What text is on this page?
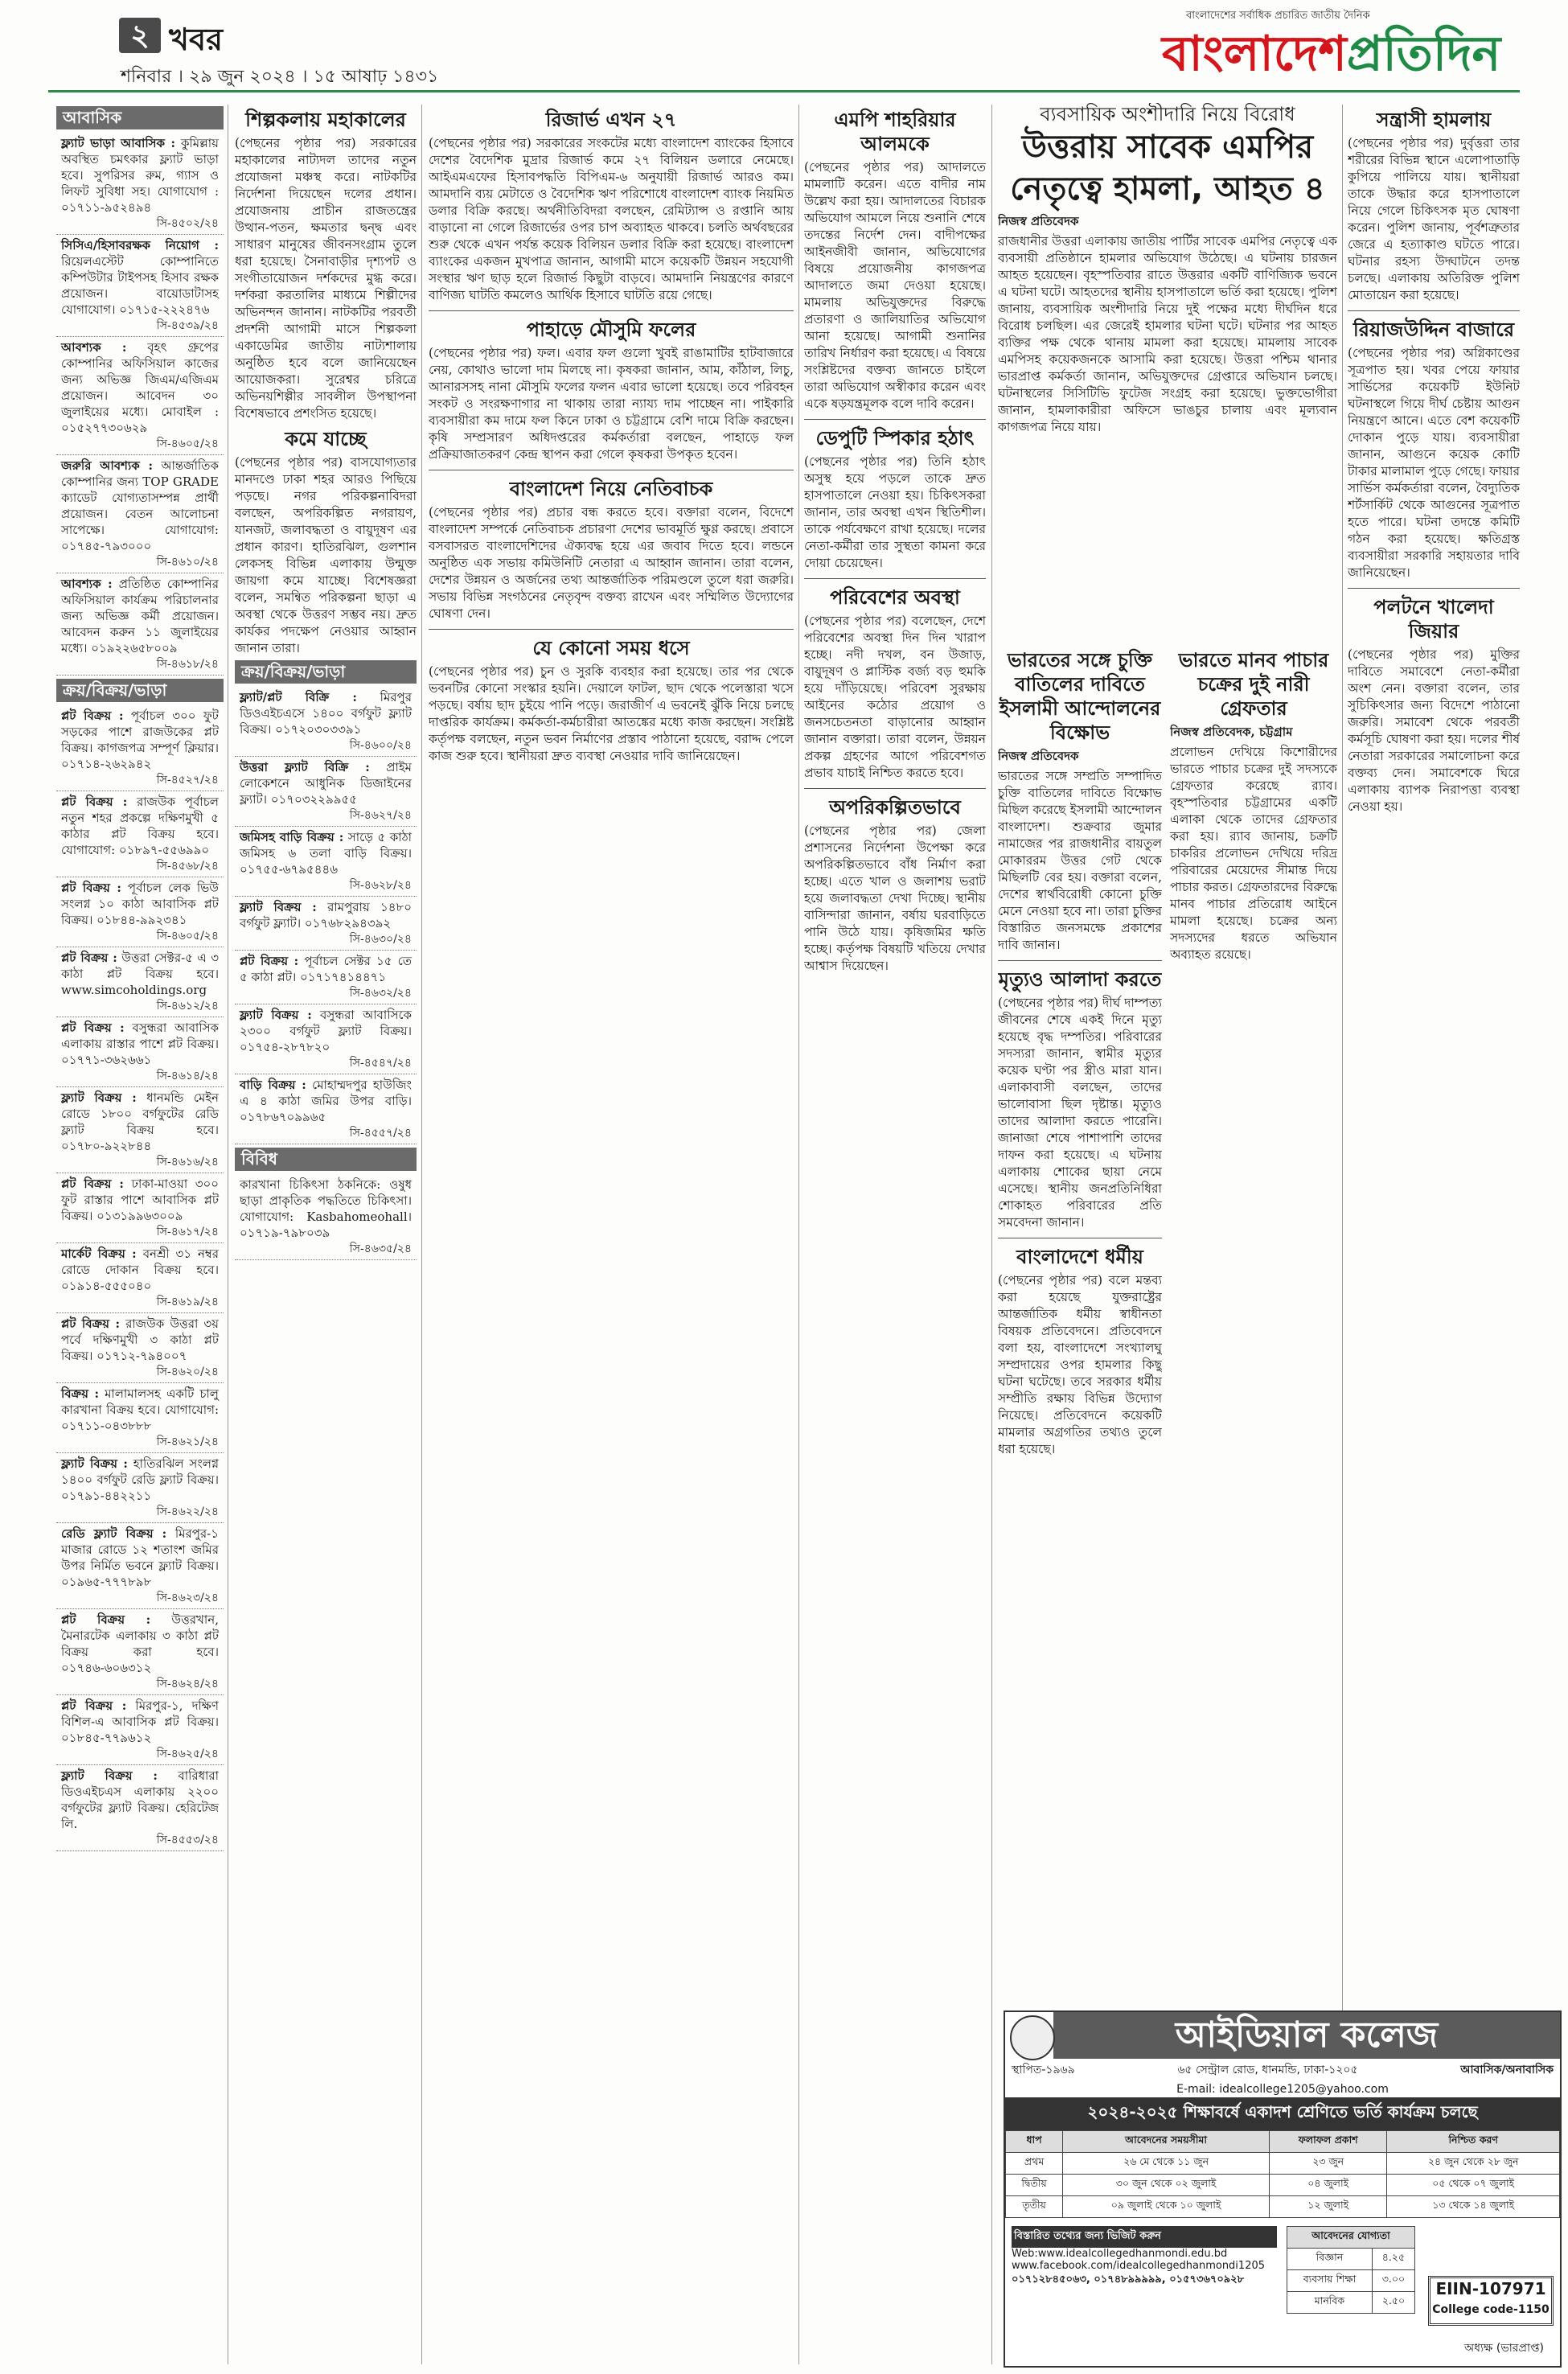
২ খবর
শনিবার । ২৯ জুন ২০২৪ । ১৫ আষাঢ় ১৪৩১
বাংলাদেশের সর্বাধিক প্রচারিত জাতীয় দৈনিক
বাংলাদেশপ্রতিদিন
আবাসিক
ফ্ল্যাট ভাড়া আবাসিক : কুমিল্লায় অবস্থিত চমৎকার ফ্ল্যাট ভাড়া হবে। সুপরিসর রুম, গ্যাস ও লিফট সুবিধা সহ। যোগাযোগ : ০১৭১১-৯৫২৪৯৪
সি-৪৫০২/২৪
সিসিএ/হিসাবরক্ষক নিয়োগ : রিয়েলএস্টেট কোম্পানিতে কম্পিউটার টাইপসহ হিসাব রক্ষক প্রয়োজন। বায়োডাটাসহ যোগাযোগ। ০১৭১৫-২২২৪৭৬
সি-৪৫৩৯/২৪
আবশ্যক : বৃহৎ গ্রুপের কোম্পানির অফিসিয়াল কাজের জন্য অভিজ্ঞ জিএম/এজিএম প্রয়োজন। আবেদন ৩০ জুলাইয়ের মধ্যে। মোবাইল : ০১৫২৭৭৩০৬২৯
সি-৪৬০৫/২৪
জরুরি আবশ্যক : আন্তর্জাতিক কোম্পানির জন্য TOP GRADE ক্যাডেট যোগ্যতাসম্পন্ন প্রার্থী প্রয়োজন। বেতন আলোচনা সাপেক্ষে। যোগাযোগ: ০১৭৪৫-৭৯৩০০০
সি-৪৬১০/২৪
আবশ্যক : প্রতিষ্ঠিত কোম্পানির অফিসিয়াল কার্যক্রম পরিচালনার জন্য অভিজ্ঞ কর্মী প্রয়োজন। আবেদন করুন ১১ জুলাইয়ের মধ্যে। ০১৯২২৬৫৮০০৯
সি-৪৬১৮/২৪
ক্রয়/বিক্রয়/ভাড়া
প্লট বিক্রয় : পূর্বাচল ৩০০ ফুট সড়কের পাশে রাজউকের প্লট বিক্রয়। কাগজপত্র সম্পূর্ণ ক্লিয়ার। ০১৭১৪-২৬২৯৪২
সি-৪৫২৭/২৪
প্লট বিক্রয় : রাজউক পূর্বাচল নতুন শহর প্রকল্পে দক্ষিণমুখী ৫ কাঠার প্লট বিক্রয় হবে। যোগাযোগ: ০১৮৯৭-৫৫৬৯৯০
সি-৪৫৬৮/২৪
প্লট বিক্রয় : পূর্বাচল লেক ভিউ সংলগ্ন ১০ কাঠা আবাসিক প্লট বিক্রয়। ০১৮৪৪-৯৯২৩৪১
সি-৪৬০৫/২৪
প্লট বিক্রয় : উত্তরা সেক্টর-৫ এ ৩ কাঠা প্লট বিক্রয় হবে। www.simcoholdings.org
সি-৪৬১২/২৪
প্লট বিক্রয় : বসুন্ধরা আবাসিক এলাকায় রাস্তার পাশে প্লট বিক্রয়। ০১৭৭১-৩৬২৬৬১
সি-৪৬১৪/২৪
ফ্ল্যাট বিক্রয় : ধানমন্ডি মেইন রোডে ১৮০০ বর্গফুটের রেডি ফ্ল্যাট বিক্রয় হবে। ০১৭৮০-৯২২৮৪৪
সি-৪৬১৬/২৪
প্লট বিক্রয় : ঢাকা-মাওয়া ৩০০ ফুট রাস্তার পাশে আবাসিক প্লট বিক্রয়। ০১৩১৯৯৬৩০০৯
সি-৪৬১৭/২৪
মার্কেট বিক্রয় : বনশ্রী ৩১ নম্বর রোডে দোকান বিক্রয় হবে। ০১৯১৪-৫৫৫০৪০
সি-৪৬১৯/২৪
প্লট বিক্রয় : রাজউক উত্তরা ৩য় পর্বে দক্ষিণমুখী ৩ কাঠা প্লট বিক্রয়। ০১৭১২-৭৯৪০০৭
সি-৪৬২০/২৪
বিক্রয় : মালামালসহ একটি চালু কারখানা বিক্রয় হবে। যোগাযোগ: ০১৭১১-০৪৩৮৮৮
সি-৪৬২১/২৪
ফ্ল্যাট বিক্রয় : হাতিরঝিল সংলগ্ন ১৪০০ বর্গফুট রেডি ফ্ল্যাট বিক্রয়। ০১৭৯১-৪৪২২১১
সি-৪৬২২/২৪
রেডি ফ্ল্যাট বিক্রয় : মিরপুর-১ মাজার রোডে ১২ শতাংশ জমির উপর নির্মিত ভবনে ফ্ল্যাট বিক্রয়। ০১৯৬৫-৭৭৭৮৯৮
সি-৪৬২৩/২৪
প্লট বিক্রয় : উত্তরখান, মৈনারটেক এলাকায় ৩ কাঠা প্লট বিক্রয় করা হবে। ০১৭৪৬-৬০৬৩১২
সি-৪৬২৪/২৪
প্লট বিক্রয় : মিরপুর-১, দক্ষিণ বিশিল-এ আবাসিক প্লট বিক্রয়। ০১৮৪৫-৭৭৯৬১২
সি-৪৬২৫/২৪
ফ্ল্যাট বিক্রয় : বারিধারা ডিওএইচএস এলাকায় ২২০০ বর্গফুটের ফ্ল্যাট বিক্রয়। হেরিটেজ লি.
সি-৪৫৫৩/২৪
শিল্পকলায় মহাকালের

(পেছনের পৃষ্ঠার পর) সরকারের মহাকালের নাট্যদল তাদের নতুন প্রযোজনা মঞ্চস্থ করে। নাটকটির নির্দেশনা দিয়েছেন দলের প্রধান। প্রযোজনায় প্রাচীন রাজতন্ত্রের উত্থান-পতন, ক্ষমতার দ্বন্দ্ব এবং সাধারণ মানুষের জীবনসংগ্রাম তুলে ধরা হয়েছে। সৈনাবাড়ীর দৃশ্যপট ও সংগীতায়োজন দর্শকদের মুগ্ধ করে। দর্শকরা করতালির মাধ্যমে শিল্পীদের অভিনন্দন জানান। নাটকটির পরবর্তী প্রদর্শনী আগামী মাসে শিল্পকলা একাডেমির জাতীয় নাট্যশালায় অনুষ্ঠিত হবে বলে জানিয়েছেন আয়োজকরা। সুরেশ্বর চরিত্রে অভিনয়শিল্পীর সাবলীল উপস্থাপনা বিশেষভাবে প্রশংসিত হয়েছে।

কমে যাচ্ছে

(পেছনের পৃষ্ঠার পর) বাসযোগ্যতার মানদণ্ডে ঢাকা শহর আরও পিছিয়ে পড়ছে। নগর পরিকল্পনাবিদরা বলছেন, অপরিকল্পিত নগরায়ণ, যানজট, জলাবদ্ধতা ও বায়ুদূষণ এর প্রধান কারণ। হাতিরঝিল, গুলশান লেকসহ বিভিন্ন এলাকায় উন্মুক্ত জায়গা কমে যাচ্ছে। বিশেষজ্ঞরা বলেন, সমন্বিত পরিকল্পনা ছাড়া এ অবস্থা থেকে উত্তরণ সম্ভব নয়। দ্রুত কার্যকর পদক্ষেপ নেওয়ার আহ্বান জানান তারা।

ক্রয়/বিক্রয়/ভাড়া
ফ্ল্যাট/প্লট বিক্রি : মিরপুর ডিওএইচএসে ১৪০০ বর্গফুট ফ্ল্যাট বিক্রয়। ০১৭২০৩০৩৩৯১
সি-৪৬০০/২৪
উত্তরা ফ্ল্যাট বিক্রি : প্রাইম লোকেশনে আধুনিক ডিজাইনের ফ্ল্যাট। ০১৭০৩২২৯৯৫৫
সি-৪৬২৭/২৪
জমিসহ বাড়ি বিক্রয় : সাড়ে ৫ কাঠা জমিসহ ৬ তলা বাড়ি বিক্রয়। ০১৭৫৫-৬৭৯৫৪৪৬
সি-৪৬২৮/২৪
ফ্ল্যাট বিক্রয় : রামপুরায় ১৪৮০ বর্গফুট ফ্ল্যাট। ০১৭৬৮২৯৪৩৯২
সি-৪৬৩০/২৪
প্লট বিক্রয় : পূর্বাচল সেক্টর ১৫ তে ৫ কাঠা প্লট। ০১৭১৭৪১৪৪৭১
সি-৪৬৩২/২৪
ফ্ল্যাট বিক্রয় : বসুন্ধরা আবাসিকে ২৩০০ বর্গফুট ফ্ল্যাট বিক্রয়। ০১৭৫৪-২৮৭৮২০
সি-৪৫৪৭/২৪
বাড়ি বিক্রয় : মোহাম্মদপুর হাউজিং এ ৪ কাঠা জমির উপর বাড়ি। ০১৭৮৬৭০৯৯৬৫
সি-৪৫৫৭/২৪
বিবিধ
কারখানা চিকিৎসা ঠকনিকে: ওষুধ ছাড়া প্রাকৃতিক পদ্ধতিতে চিকিৎসা। যোগাযোগ: Kasbahomeohall। ০১৭১৯-৭৯৮০৩৯
সি-৪৬৩৫/২৪
রিজার্ভ এখন ২৭

(পেছনের পৃষ্ঠার পর) সরকারের সংকটের মধ্যে বাংলাদেশ ব্যাংকের হিসাবে দেশের বৈদেশিক মুদ্রার রিজার্ভ কমে ২৭ বিলিয়ন ডলারে নেমেছে। আইএমএফের হিসাবপদ্ধতি বিপিএম-৬ অনুযায়ী রিজার্ভ আরও কম। আমদানি ব্যয় মেটাতে ও বৈদেশিক ঋণ পরিশোধে বাংলাদেশ ব্যাংক নিয়মিত ডলার বিক্রি করছে। অর্থনীতিবিদরা বলছেন, রেমিট্যান্স ও রপ্তানি আয় বাড়ানো না গেলে রিজার্ভের ওপর চাপ অব্যাহত থাকবে। চলতি অর্থবছরের শুরু থেকে এখন পর্যন্ত কয়েক বিলিয়ন ডলার বিক্রি করা হয়েছে। বাংলাদেশ ব্যাংকের একজন মুখপাত্র জানান, আগামী মাসে কয়েকটি উন্নয়ন সহযোগী সংস্থার ঋণ ছাড় হলে রিজার্ভ কিছুটা বাড়বে। আমদানি নিয়ন্ত্রণের কারণে বাণিজ্য ঘাটতি কমলেও আর্থিক হিসাবে ঘাটতি রয়ে গেছে।

পাহাড়ে মৌসুমি ফলের

(পেছনের পৃষ্ঠার পর) ফল। এবার ফল গুলো খুবই রাঙামাটির হাটবাজারে নেয়, কোথাও ভালো দাম মিলছে না। কৃষকরা জানান, আম, কাঁঠাল, লিচু, আনারসসহ নানা মৌসুমি ফলের ফলন এবার ভালো হয়েছে। তবে পরিবহন সংকট ও সংরক্ষণাগার না থাকায় তারা ন্যায্য দাম পাচ্ছেন না। পাইকারি ব্যবসায়ীরা কম দামে ফল কিনে ঢাকা ও চট্টগ্রামে বেশি দামে বিক্রি করছেন। কৃষি সম্প্রসারণ অধিদপ্তরের কর্মকর্তারা বলছেন, পাহাড়ে ফল প্রক্রিয়াজাতকরণ কেন্দ্র স্থাপন করা গেলে কৃষকরা উপকৃত হবেন।

বাংলাদেশ নিয়ে নেতিবাচক

(পেছনের পৃষ্ঠার পর) প্রচার বন্ধ করতে হবে। বক্তারা বলেন, বিদেশে বাংলাদেশ সম্পর্কে নেতিবাচক প্রচারণা দেশের ভাবমূর্তি ক্ষুণ্ণ করছে। প্রবাসে বসবাসরত বাংলাদেশিদের ঐক্যবদ্ধ হয়ে এর জবাব দিতে হবে। লন্ডনে অনুষ্ঠিত এক সভায় কমিউনিটি নেতারা এ আহ্বান জানান। তারা বলেন, দেশের উন্নয়ন ও অর্জনের তথ্য আন্তর্জাতিক পরিমণ্ডলে তুলে ধরা জরুরি। সভায় বিভিন্ন সংগঠনের নেতৃবৃন্দ বক্তব্য রাখেন এবং সম্মিলিত উদ্যোগের ঘোষণা দেন।

যে কোনো সময় ধসে

(পেছনের পৃষ্ঠার পর) চুন ও সুরকি ব্যবহার করা হয়েছে। তার পর থেকে ভবনটির কোনো সংস্কার হয়নি। দেয়ালে ফাটল, ছাদ থেকে পলেস্তারা খসে পড়ছে। বর্ষায় ছাদ চুইয়ে পানি পড়ে। জরাজীর্ণ এ ভবনেই ঝুঁকি নিয়ে চলছে দাপ্তরিক কার্যক্রম। কর্মকর্তা-কর্মচারীরা আতঙ্কের মধ্যে কাজ করছেন। সংশ্লিষ্ট কর্তৃপক্ষ বলছেন, নতুন ভবন নির্মাণের প্রস্তাব পাঠানো হয়েছে, বরাদ্দ পেলে কাজ শুরু হবে। স্থানীয়রা দ্রুত ব্যবস্থা নেওয়ার দাবি জানিয়েছেন।

এমপি শাহরিয়ার আলমকে

(পেছনের পৃষ্ঠার পর) আদালতে মামলাটি করেন। এতে বাদীর নাম উল্লেখ করা হয়। আদালতের বিচারক অভিযোগ আমলে নিয়ে শুনানি শেষে তদন্তের নির্দেশ দেন। বাদীপক্ষের আইনজীবী জানান, অভিযোগের বিষয়ে প্রয়োজনীয় কাগজপত্র আদালতে জমা দেওয়া হয়েছে। মামলায় অভিযুক্তদের বিরুদ্ধে প্রতারণা ও জালিয়াতির অভিযোগ আনা হয়েছে। আগামী শুনানির তারিখ নির্ধারণ করা হয়েছে। এ বিষয়ে সংশ্লিষ্টদের বক্তব্য জানতে চাইলে তারা অভিযোগ অস্বীকার করেন এবং একে ষড়যন্ত্রমূলক বলে দাবি করেন।

ডেপুটি স্পিকার হঠাৎ

(পেছনের পৃষ্ঠার পর) তিনি হঠাৎ অসুস্থ হয়ে পড়লে তাকে দ্রুত হাসপাতালে নেওয়া হয়। চিকিৎসকরা জানান, তার অবস্থা এখন স্থিতিশীল। তাকে পর্যবেক্ষণে রাখা হয়েছে। দলের নেতা-কর্মীরা তার সুস্থতা কামনা করে দোয়া চেয়েছেন।

পরিবেশের অবস্থা

(পেছনের পৃষ্ঠার পর) বলেছেন, দেশে পরিবেশের অবস্থা দিন দিন খারাপ হচ্ছে। নদী দখল, বন উজাড়, বায়ুদূষণ ও প্লাস্টিক বর্জ্য বড় হুমকি হয়ে দাঁড়িয়েছে। পরিবেশ সুরক্ষায় আইনের কঠোর প্রয়োগ ও জনসচেতনতা বাড়ানোর আহ্বান জানান বক্তারা। তারা বলেন, উন্নয়ন প্রকল্প গ্রহণের আগে পরিবেশগত প্রভাব যাচাই নিশ্চিত করতে হবে।

অপরিকল্পিতভাবে

(পেছনের পৃষ্ঠার পর) জেলা প্রশাসনের নির্দেশনা উপেক্ষা করে অপরিকল্পিতভাবে বাঁধ নির্মাণ করা হচ্ছে। এতে খাল ও জলাশয় ভরাট হয়ে জলাবদ্ধতা দেখা দিচ্ছে। স্থানীয় বাসিন্দারা জানান, বর্ষায় ঘরবাড়িতে পানি উঠে যায়। কৃষিজমির ক্ষতি হচ্ছে। কর্তৃপক্ষ বিষয়টি খতিয়ে দেখার আশ্বাস দিয়েছেন।

ব্যবসায়িক অংশীদারি নিয়ে বিরোধ
উত্তরায় সাবেক এমপির নেতৃত্বে হামলা, আহত ৪
নিজস্ব প্রতিবেদক

রাজধানীর উত্তরা এলাকায় জাতীয় পার্টির সাবেক এমপির নেতৃত্বে এক ব্যবসায়ী প্রতিষ্ঠানে হামলার অভিযোগ উঠেছে। এ ঘটনায় চারজন আহত হয়েছেন। বৃহস্পতিবার রাতে উত্তরার একটি বাণিজ্যিক ভবনে এ ঘটনা ঘটে। আহতদের স্থানীয় হাসপাতালে ভর্তি করা হয়েছে। পুলিশ জানায়, ব্যবসায়িক অংশীদারি নিয়ে দুই পক্ষের মধ্যে দীর্ঘদিন ধরে বিরোধ চলছিল। এর জেরেই হামলার ঘটনা ঘটে। ঘটনার পর আহত ব্যক্তির পক্ষ থেকে থানায় মামলা করা হয়েছে। মামলায় সাবেক এমপিসহ কয়েকজনকে আসামি করা হয়েছে। উত্তরা পশ্চিম থানার ভারপ্রাপ্ত কর্মকর্তা জানান, অভিযুক্তদের গ্রেপ্তারে অভিযান চলছে। ঘটনাস্থলের সিসিটিভি ফুটেজ সংগ্রহ করা হয়েছে। ভুক্তভোগীরা জানান, হামলাকারীরা অফিসে ভাঙচুর চালায় এবং মূল্যবান কাগজপত্র নিয়ে যায়।

ভারতের সঙ্গে চুক্তি বাতিলের দাবিতে ইসলামী আন্দোলনের বিক্ষোভ
নিজস্ব প্রতিবেদক

ভারতের সঙ্গে সম্প্রতি সম্পাদিত চুক্তি বাতিলের দাবিতে বিক্ষোভ মিছিল করেছে ইসলামী আন্দোলন বাংলাদেশ। শুক্রবার জুমার নামাজের পর রাজধানীর বায়তুল মোকাররম উত্তর গেট থেকে মিছিলটি বের হয়। বক্তারা বলেন, দেশের স্বার্থবিরোধী কোনো চুক্তি মেনে নেওয়া হবে না। তারা চুক্তির বিস্তারিত জনসমক্ষে প্রকাশের দাবি জানান।

মৃত্যুও আলাদা করতে

(পেছনের পৃষ্ঠার পর) দীর্ঘ দাম্পত্য জীবনের শেষে একই দিনে মৃত্যু হয়েছে বৃদ্ধ দম্পতির। পরিবারের সদস্যরা জানান, স্বামীর মৃত্যুর কয়েক ঘণ্টা পর স্ত্রীও মারা যান। এলাকাবাসী বলছেন, তাদের ভালোবাসা ছিল দৃষ্টান্ত। মৃত্যুও তাদের আলাদা করতে পারেনি। জানাজা শেষে পাশাপাশি তাদের দাফন করা হয়েছে। এ ঘটনায় এলাকায় শোকের ছায়া নেমে এসেছে। স্থানীয় জনপ্রতিনিধিরা শোকাহত পরিবারের প্রতি সমবেদনা জানান।

বাংলাদেশে ধর্মীয়

(পেছনের পৃষ্ঠার পর) বলে মন্তব্য করা হয়েছে যুক্তরাষ্ট্রের আন্তর্জাতিক ধর্মীয় স্বাধীনতা বিষয়ক প্রতিবেদনে। প্রতিবেদনে বলা হয়, বাংলাদেশে সংখ্যালঘু সম্প্রদায়ের ওপর হামলার কিছু ঘটনা ঘটেছে। তবে সরকার ধর্মীয় সম্প্রীতি রক্ষায় বিভিন্ন উদ্যোগ নিয়েছে। প্রতিবেদনে কয়েকটি মামলার অগ্রগতির তথ্যও তুলে ধরা হয়েছে।

ভারতে মানব পাচার চক্রের দুই নারী গ্রেফতার
নিজস্ব প্রতিবেদক, চট্টগ্রাম

প্রলোভন দেখিয়ে কিশোরীদের ভারতে পাচার চক্রের দুই সদস্যকে গ্রেফতার করেছে র‍্যাব। বৃহস্পতিবার চট্টগ্রামের একটি এলাকা থেকে তাদের গ্রেফতার করা হয়। র‍্যাব জানায়, চক্রটি চাকরির প্রলোভন দেখিয়ে দরিদ্র পরিবারের মেয়েদের সীমান্ত দিয়ে পাচার করত। গ্রেফতারদের বিরুদ্ধে মানব পাচার প্রতিরোধ আইনে মামলা হয়েছে। চক্রের অন্য সদস্যদের ধরতে অভিযান অব্যাহত রয়েছে।

সন্ত্রাসী হামলায়

(পেছনের পৃষ্ঠার পর) দুর্বৃত্তরা তার শরীরের বিভিন্ন স্থানে এলোপাতাড়ি কুপিয়ে পালিয়ে যায়। স্থানীয়রা তাকে উদ্ধার করে হাসপাতালে নিয়ে গেলে চিকিৎসক মৃত ঘোষণা করেন। পুলিশ জানায়, পূর্বশত্রুতার জেরে এ হত্যাকাণ্ড ঘটতে পারে। ঘটনার রহস্য উদ্ঘাটনে তদন্ত চলছে। এলাকায় অতিরিক্ত পুলিশ মোতায়েন করা হয়েছে।

রিয়াজউদ্দিন বাজারে

(পেছনের পৃষ্ঠার পর) অগ্নিকাণ্ডের সূত্রপাত হয়। খবর পেয়ে ফায়ার সার্ভিসের কয়েকটি ইউনিট ঘটনাস্থলে গিয়ে দীর্ঘ চেষ্টায় আগুন নিয়ন্ত্রণে আনে। এতে বেশ কয়েকটি দোকান পুড়ে যায়। ব্যবসায়ীরা জানান, আগুনে কয়েক কোটি টাকার মালামাল পুড়ে গেছে। ফায়ার সার্ভিস কর্মকর্তারা বলেন, বৈদ্যুতিক শর্টসার্কিট থেকে আগুনের সূত্রপাত হতে পারে। ঘটনা তদন্তে কমিটি গঠন করা হয়েছে। ক্ষতিগ্রস্ত ব্যবসায়ীরা সরকারি সহায়তার দাবি জানিয়েছেন।

পলটনে খালেদা জিয়ার

(পেছনের পৃষ্ঠার পর) মুক্তির দাবিতে সমাবেশে নেতা-কর্মীরা অংশ নেন। বক্তারা বলেন, তার সুচিকিৎসার জন্য বিদেশে পাঠানো জরুরি। সমাবেশ থেকে পরবর্তী কর্মসূচি ঘোষণা করা হয়। দলের শীর্ষ নেতারা সরকারের সমালোচনা করে বক্তব্য দেন। সমাবেশকে ঘিরে এলাকায় ব্যাপক নিরাপত্তা ব্যবস্থা নেওয়া হয়।

আইডিয়াল কলেজ
স্থাপিত-১৯৬৯	৬৫ সেন্ট্রাল রোড, ধানমন্ডি, ঢাকা-১২০৫	আবাসিক/অনাবাসিক
E-mail: idealcollege1205@yahoo.com
২০২৪-২০২৫ শিক্ষাবর্ষে একাদশ শ্রেণিতে ভর্তি কার্যক্রম চলছে
ধাপ	আবেদনের সময়সীমা	ফলাফল প্রকাশ	নিশ্চিত করণ
প্রথম	২৬ মে থেকে ১১ জুন	২৩ জুন	২৪ জুন থেকে ২৮ জুন
দ্বিতীয়	৩০ জুন থেকে ০২ জুলাই	০৪ জুলাই	০৫ থেকে ০৭ জুলাই
তৃতীয়	০৯ জুলাই থেকে ১০ জুলাই	১২ জুলাই	১৩ থেকে ১৪ জুলাই
বিস্তারিত তথ্যের জন্য ভিজিট করুন
Web:www.idealcollegedhanmondi.edu.bd
www.facebook.com/idealcollegedhanmondi1205
০১৭১২৮৪৫০৬৩, ০১৭৪৮৯৯৯৯৯, ০১৫৭৩৬৭০৯২৮
আবেদনের যোগ্যতা	
বিজ্ঞান	৪.২৫
ব্যবসায় শিক্ষা	৩.০০
মানবিক	২.৫০
EIIN-107971
College code-1150
অধ্যক্ষ (ভারপ্রাপ্ত)
